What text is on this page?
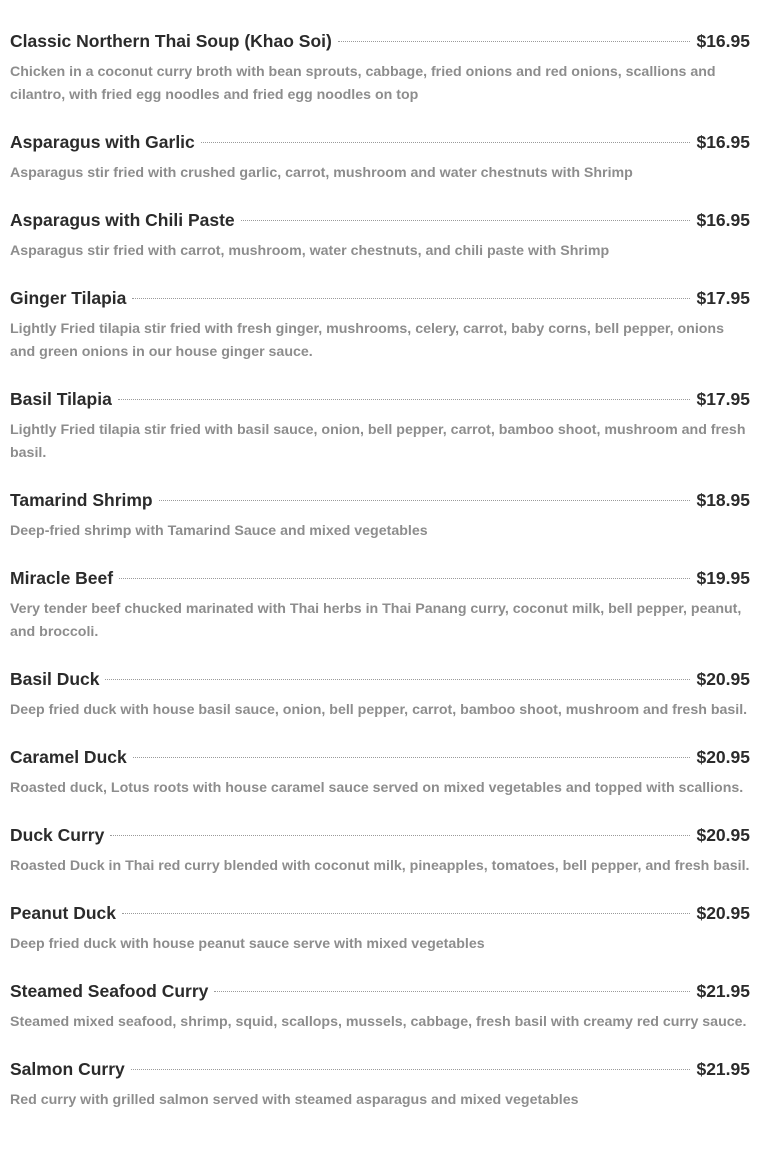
Classic Northern Thai Soup (Khao Soi)	$16.95
Chicken in a coconut curry broth with bean sprouts, cabbage, fried onions and red onions, scallions and cilantro, with fried egg noodles and fried egg noodles on top
Asparagus with Garlic	$16.95
Asparagus stir fried with crushed garlic, carrot, mushroom and water chestnuts with Shrimp
Asparagus with Chili Paste	$16.95
Asparagus stir fried with carrot, mushroom, water chestnuts, and chili paste with Shrimp
Ginger Tilapia	$17.95
Lightly Fried tilapia stir fried with fresh ginger, mushrooms, celery, carrot, baby corns, bell pepper, onions and green onions in our house ginger sauce.
Basil Tilapia	$17.95
Lightly Fried tilapia stir fried with basil sauce, onion, bell pepper, carrot, bamboo shoot, mushroom and fresh basil.
Tamarind Shrimp	$18.95
Deep-fried shrimp with Tamarind Sauce and mixed vegetables
Miracle Beef	$19.95
Very tender beef chucked marinated with Thai herbs in Thai Panang curry, coconut milk, bell pepper, peanut, and broccoli.
Basil Duck	$20.95
Deep fried duck with house basil sauce, onion, bell pepper, carrot, bamboo shoot, mushroom and fresh basil.
Caramel Duck	$20.95
Roasted duck, Lotus roots with house caramel sauce served on mixed vegetables and topped with scallions.
Duck Curry	$20.95
Roasted Duck in Thai red curry blended with coconut milk, pineapples, tomatoes, bell pepper, and fresh basil.
Peanut Duck	$20.95
Deep fried duck with house peanut sauce serve with mixed vegetables
Steamed Seafood Curry	$21.95
Steamed mixed seafood, shrimp, squid, scallops, mussels, cabbage, fresh basil with creamy red curry sauce.
Salmon Curry	$21.95
Red curry with grilled salmon served with steamed asparagus and mixed vegetables
